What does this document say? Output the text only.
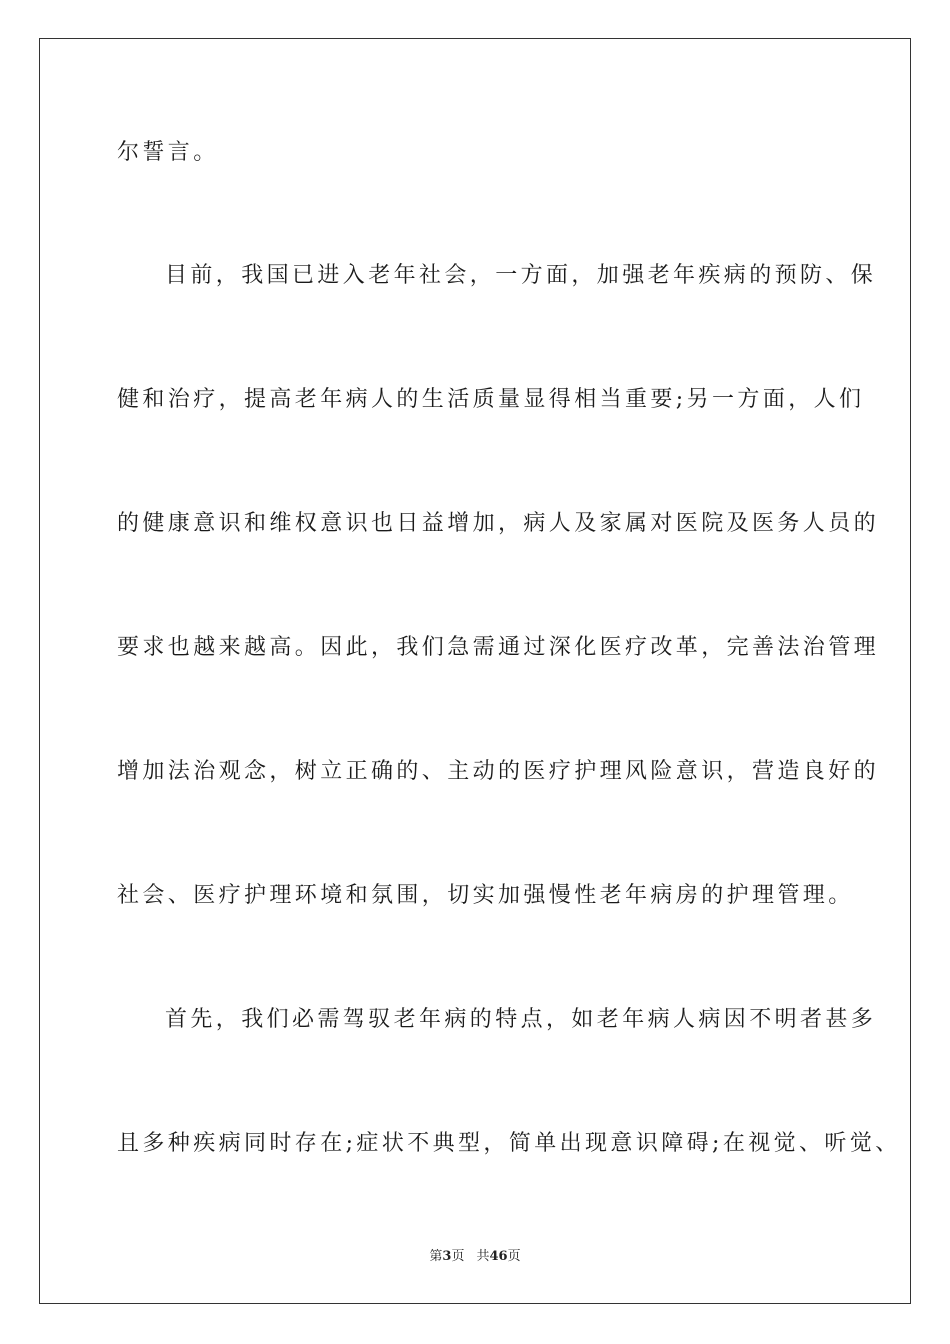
尔誓言。
目前，我国已进入老年社会，一方面，加强老年疾病的预防、保
健和治疗，提高老年病人的生活质量显得相当重要;另一方面，人们
的健康意识和维权意识也日益增加，病人及家属对医院及医务人员的
要求也越来越高。因此，我们急需通过深化医疗改革，完善法治管理
增加法治观念，树立正确的、主动的医疗护理风险意识，营造良好的
社会、医疗护理环境和氛围，切实加强慢性老年病房的护理管理。
首先，我们必需驾驭老年病的特点，如老年病人病因不明者甚多
且多种疾病同时存在;症状不典型，简单出现意识障碍;在视觉、听觉、
第3页 共46页
